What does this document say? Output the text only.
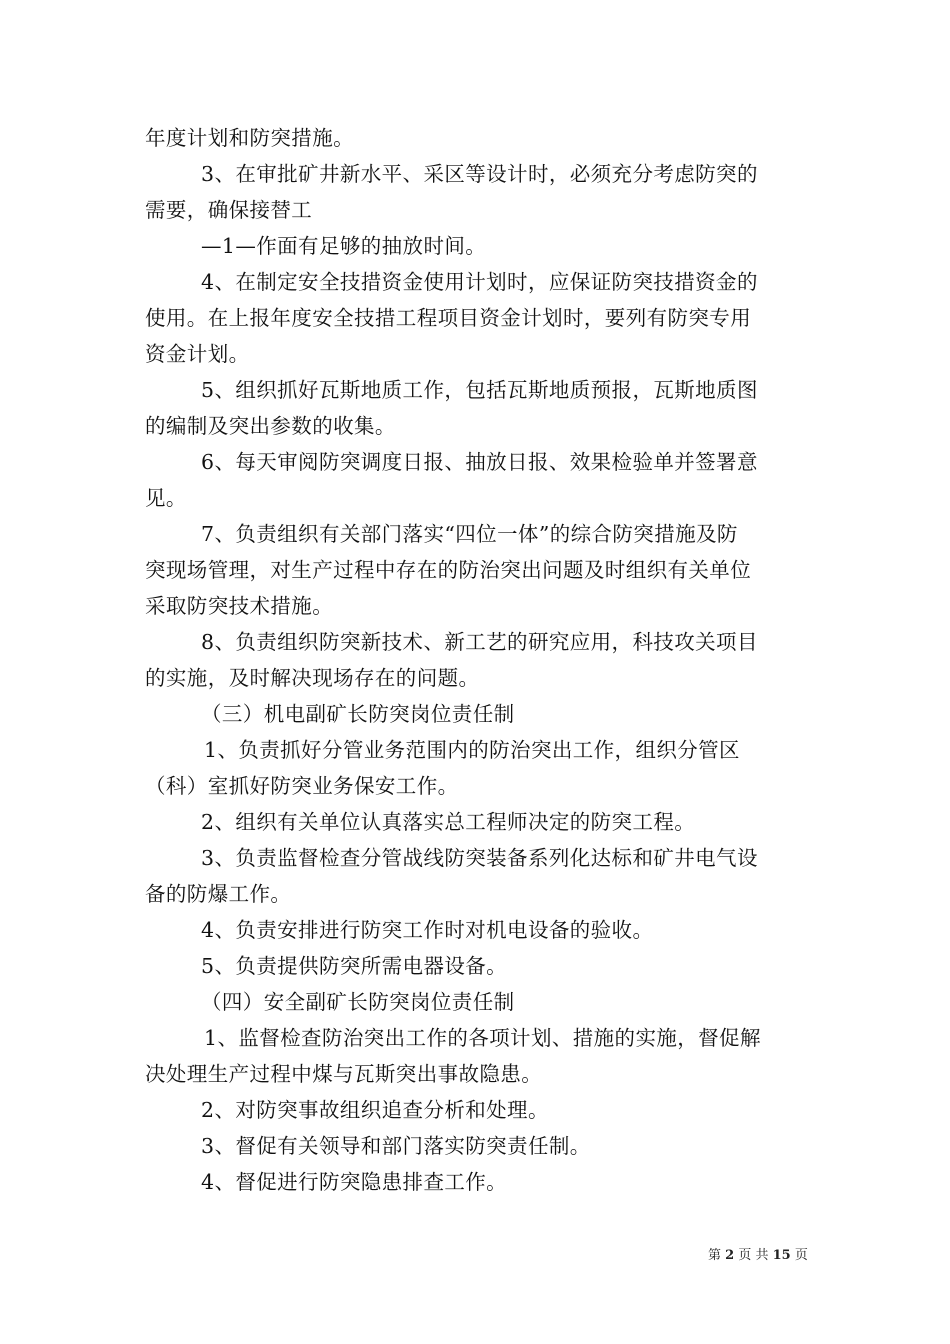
年度计划和防突措施。
3、在审批矿井新水平、采区等设计时，必须充分考虑防突的
需要，确保接替工
—1—作面有足够的抽放时间。
4、在制定安全技措资金使用计划时，应保证防突技措资金的
使用。在上报年度安全技措工程项目资金计划时，要列有防突专用
资金计划。
5、组织抓好瓦斯地质工作，包括瓦斯地质预报，瓦斯地质图
的编制及突出参数的收集。
6、每天审阅防突调度日报、抽放日报、效果检验单并签署意
见。
7、负责组织有关部门落实“四位一体”的综合防突措施及防
突现场管理，对生产过程中存在的防治突出问题及时组织有关单位
采取防突技术措施。
8、负责组织防突新技术、新工艺的研究应用，科技攻关项目
的实施，及时解决现场存在的问题。
（三）机电副矿长防突岗位责任制
1、负责抓好分管业务范围内的防治突出工作，组织分管区
（科）室抓好防突业务保安工作。
2、组织有关单位认真落实总工程师决定的防突工程。
3、负责监督检查分管战线防突装备系列化达标和矿井电气设
备的防爆工作。
4、负责安排进行防突工作时对机电设备的验收。
5、负责提供防突所需电器设备。
（四）安全副矿长防突岗位责任制
1、监督检查防治突出工作的各项计划、措施的实施，督促解
决处理生产过程中煤与瓦斯突出事故隐患。
2、对防突事故组织追查分析和处理。
3、督促有关领导和部门落实防突责任制。
4、督促进行防突隐患排查工作。
第 2 页 共 15 页
